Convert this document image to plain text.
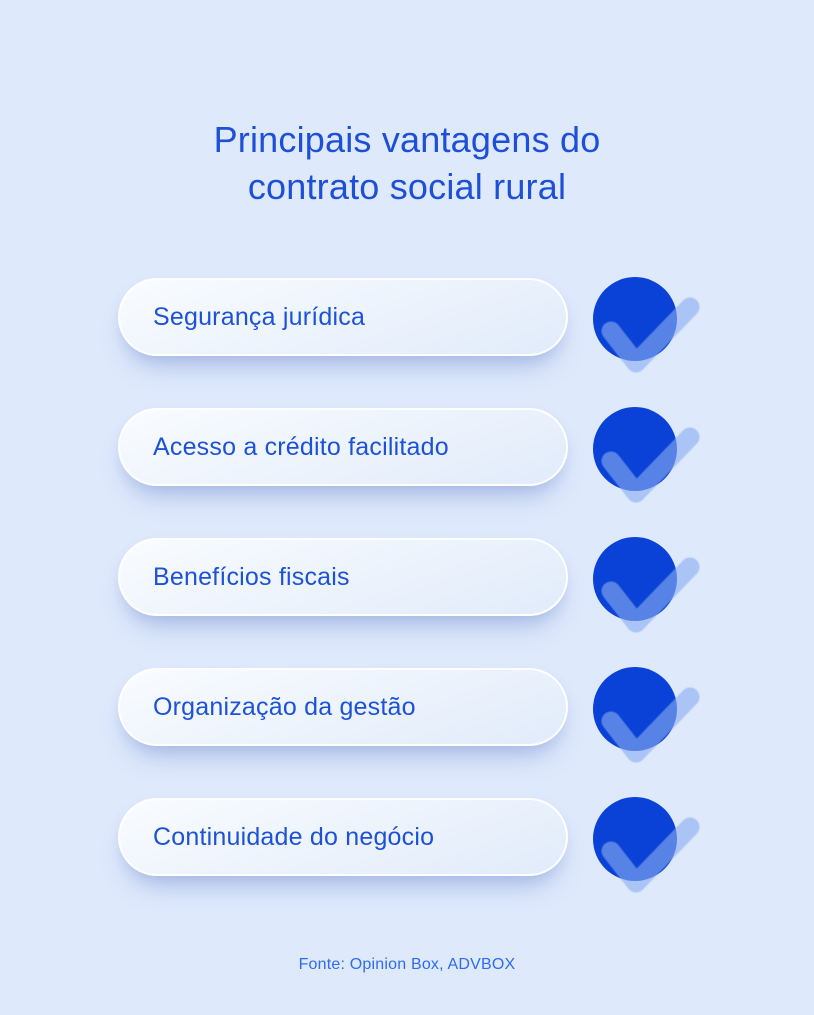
Principais vantagens do
contrato social rural
Segurança jurídica
Acesso a crédito facilitado
Benefícios fiscais
Organização da gestão
Continuidade do negócio
Fonte: Opinion Box, ADVBOX
